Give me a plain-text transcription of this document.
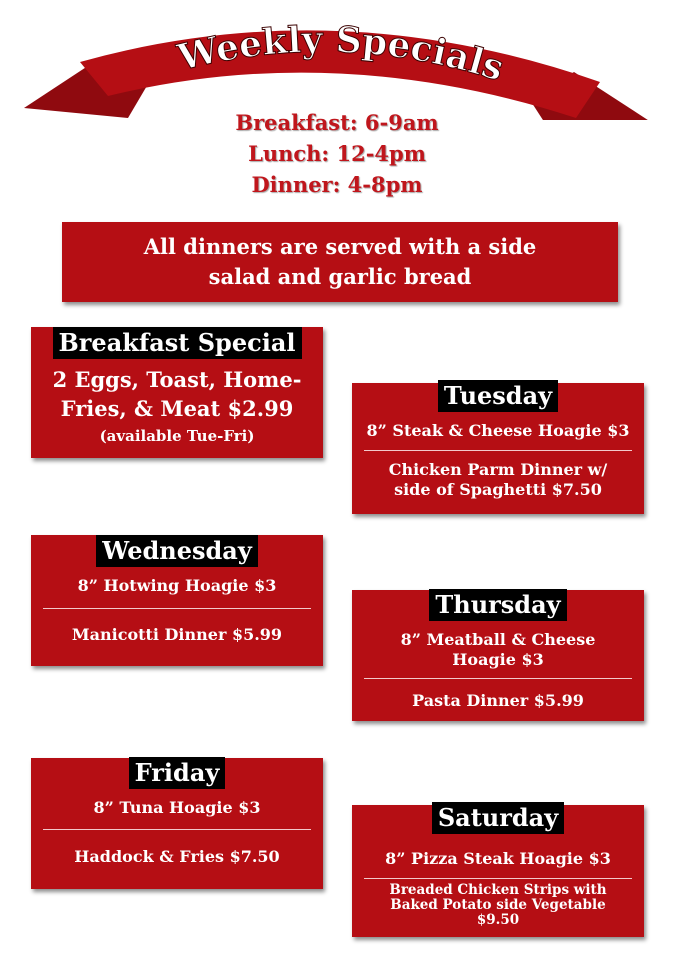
Weekly Specials
Breakfast: 6-9am
Lunch: 12-4pm
Dinner: 4-8pm
All dinners are served with a side
salad and garlic bread
Breakfast Special
2 Eggs, Toast, Home-
Fries, & Meat $2.99
(available Tue-Fri)
Tuesday
8” Steak & Cheese Hoagie $3
Chicken Parm Dinner w/
side of Spaghetti $7.50
Wednesday
8” Hotwing Hoagie $3
Manicotti Dinner $5.99
Thursday
8” Meatball & Cheese
Hoagie $3
Pasta Dinner $5.99
Friday
8” Tuna Hoagie $3
Haddock & Fries $7.50
Saturday
8” Pizza Steak Hoagie $3
Breaded Chicken Strips with
Baked Potato side Vegetable
$9.50
